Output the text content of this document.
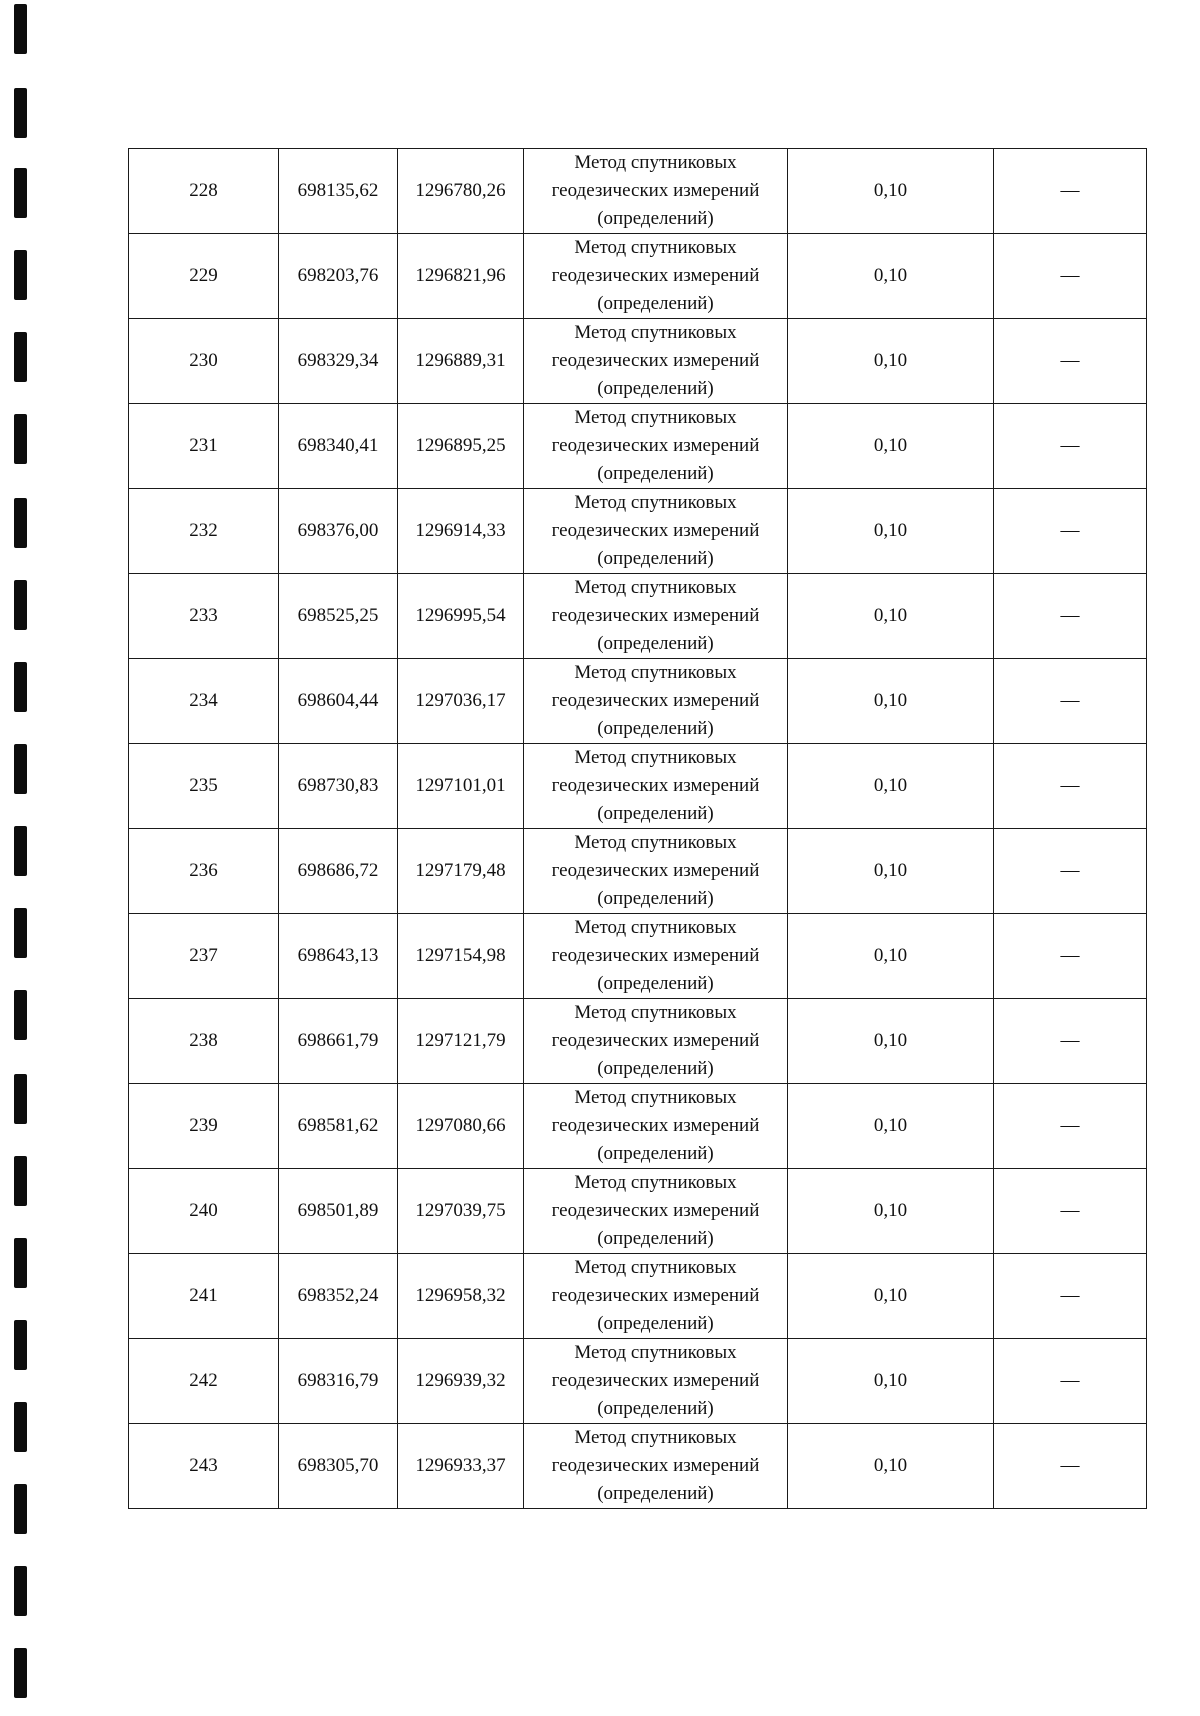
228	698135,62	1296780,26	Метод спутниковых
геодезических измерений
(определений)	0,10	—
229	698203,76	1296821,96	Метод спутниковых
геодезических измерений
(определений)	0,10	—
230	698329,34	1296889,31	Метод спутниковых
геодезических измерений
(определений)	0,10	—
231	698340,41	1296895,25	Метод спутниковых
геодезических измерений
(определений)	0,10	—
232	698376,00	1296914,33	Метод спутниковых
геодезических измерений
(определений)	0,10	—
233	698525,25	1296995,54	Метод спутниковых
геодезических измерений
(определений)	0,10	—
234	698604,44	1297036,17	Метод спутниковых
геодезических измерений
(определений)	0,10	—
235	698730,83	1297101,01	Метод спутниковых
геодезических измерений
(определений)	0,10	—
236	698686,72	1297179,48	Метод спутниковых
геодезических измерений
(определений)	0,10	—
237	698643,13	1297154,98	Метод спутниковых
геодезических измерений
(определений)	0,10	—
238	698661,79	1297121,79	Метод спутниковых
геодезических измерений
(определений)	0,10	—
239	698581,62	1297080,66	Метод спутниковых
геодезических измерений
(определений)	0,10	—
240	698501,89	1297039,75	Метод спутниковых
геодезических измерений
(определений)	0,10	—
241	698352,24	1296958,32	Метод спутниковых
геодезических измерений
(определений)	0,10	—
242	698316,79	1296939,32	Метод спутниковых
геодезических измерений
(определений)	0,10	—
243	698305,70	1296933,37	Метод спутниковых
геодезических измерений
(определений)	0,10	—
